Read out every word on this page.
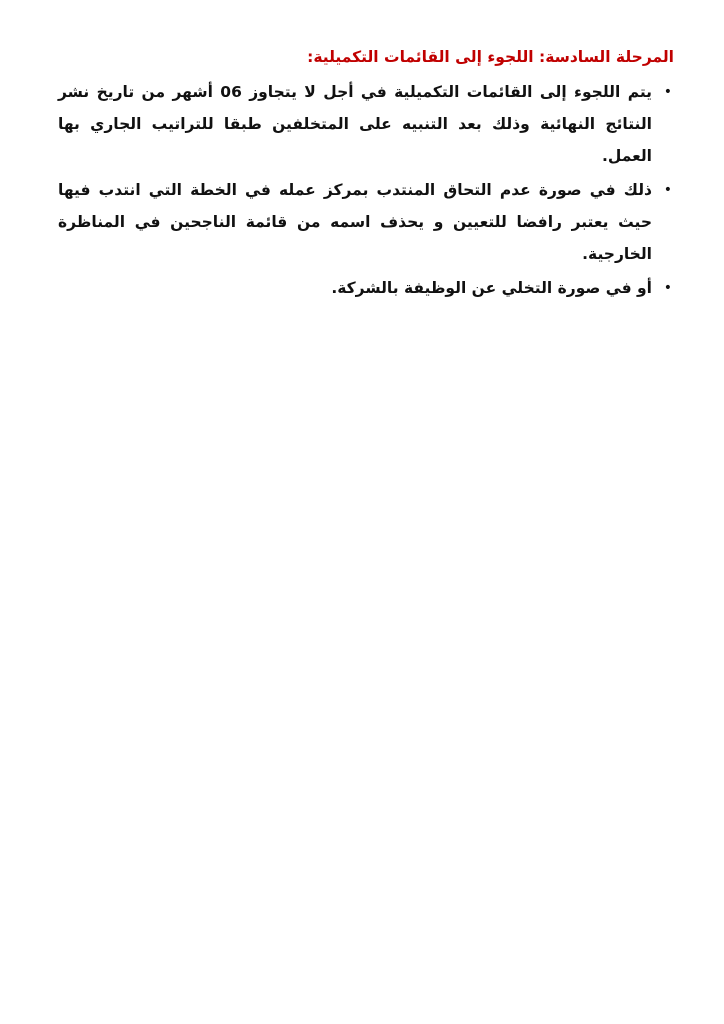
المرحلة السادسة: اللجوء إلى القائمات التكميلية:
•
يتم اللجوء إلى القائمات التكميلية في أجل لا يتجاوز 06 أشهر من تاريخ نشر النتائج النهائية وذلك بعد التنبيه على المتخلفين طبقا للتراتيب الجاري بها العمل.
•
ذلك في صورة عدم التحاق المنتدب بمركز عمله في الخطة التي انتدب فيها حيث يعتبر رافضا للتعيين و يحذف اسمه من قائمة الناجحين في المناظرة الخارجية.
•
أو في صورة التخلي عن الوظيفة بالشركة.
